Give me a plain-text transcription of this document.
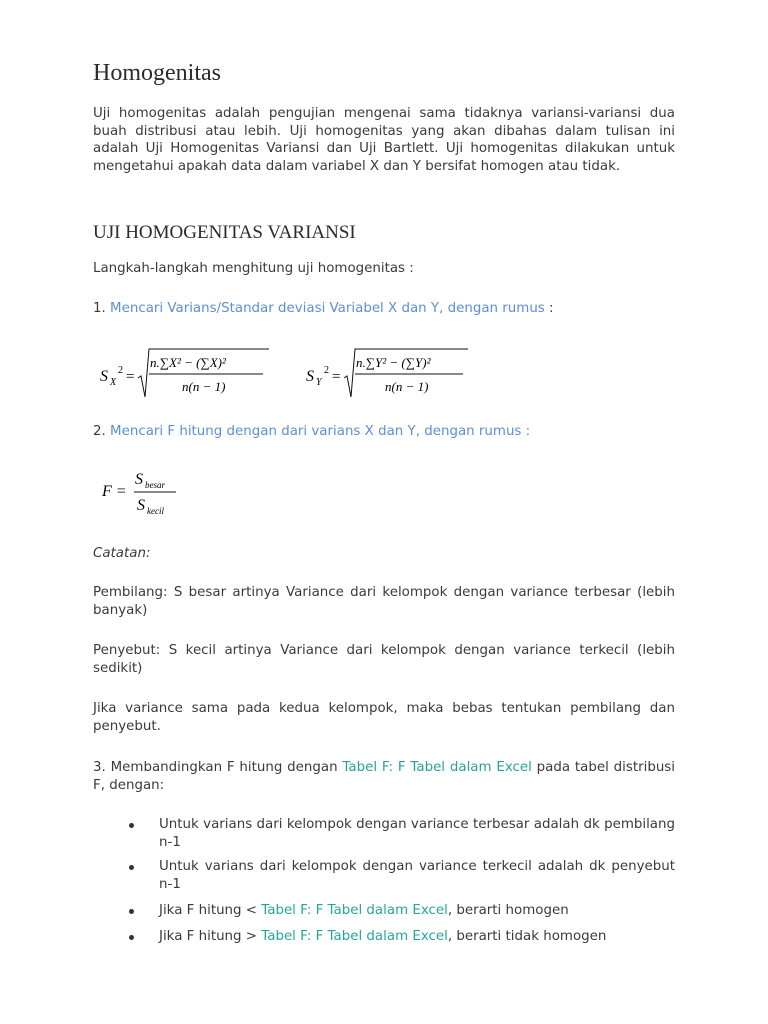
Homogenitas

Uji homogenitas adalah pengujian mengenai sama tidaknya variansi-variansi dua buah distribusi atau lebih. Uji homogenitas yang akan dibahas dalam tulisan ini adalah Uji Homogenitas Variansi dan Uji Bartlett. Uji homogenitas dilakukan untuk mengetahui apakah data dalam variabel X dan Y bersifat homogen atau tidak.

UJI HOMOGENITAS VARIANSI

Langkah-langkah menghitung uji homogenitas :

1. Mencari Varians/Standar deviasi Variabel X dan Y, dengan rumus :

S X
2 =
n.∑X² − (∑X)²
n(n − 1)
S Y
2 =
n.∑Y² − (∑Y)²
n(n − 1)

2. Mencari F hitung dengan dari varians X dan Y, dengan rumus :

F =
S besar
S kecil

Catatan:

Pembilang: S besar artinya Variance dari kelompok dengan variance terbesar (lebih banyak)

Penyebut: S kecil artinya Variance dari kelompok dengan variance terkecil (lebih sedikit)

Jika variance sama pada kedua kelompok, maka bebas tentukan pembilang dan penyebut.

3. Membandingkan F hitung dengan Tabel F: F Tabel dalam Excel pada tabel distribusi F, dengan:

Untuk varians dari kelompok dengan variance terbesar adalah dk pembilang n-1
Untuk varians dari kelompok dengan variance terkecil adalah dk penyebut n-1
Jika F hitung < Tabel F: F Tabel dalam Excel, berarti homogen
Jika F hitung > Tabel F: F Tabel dalam Excel, berarti tidak homogen
